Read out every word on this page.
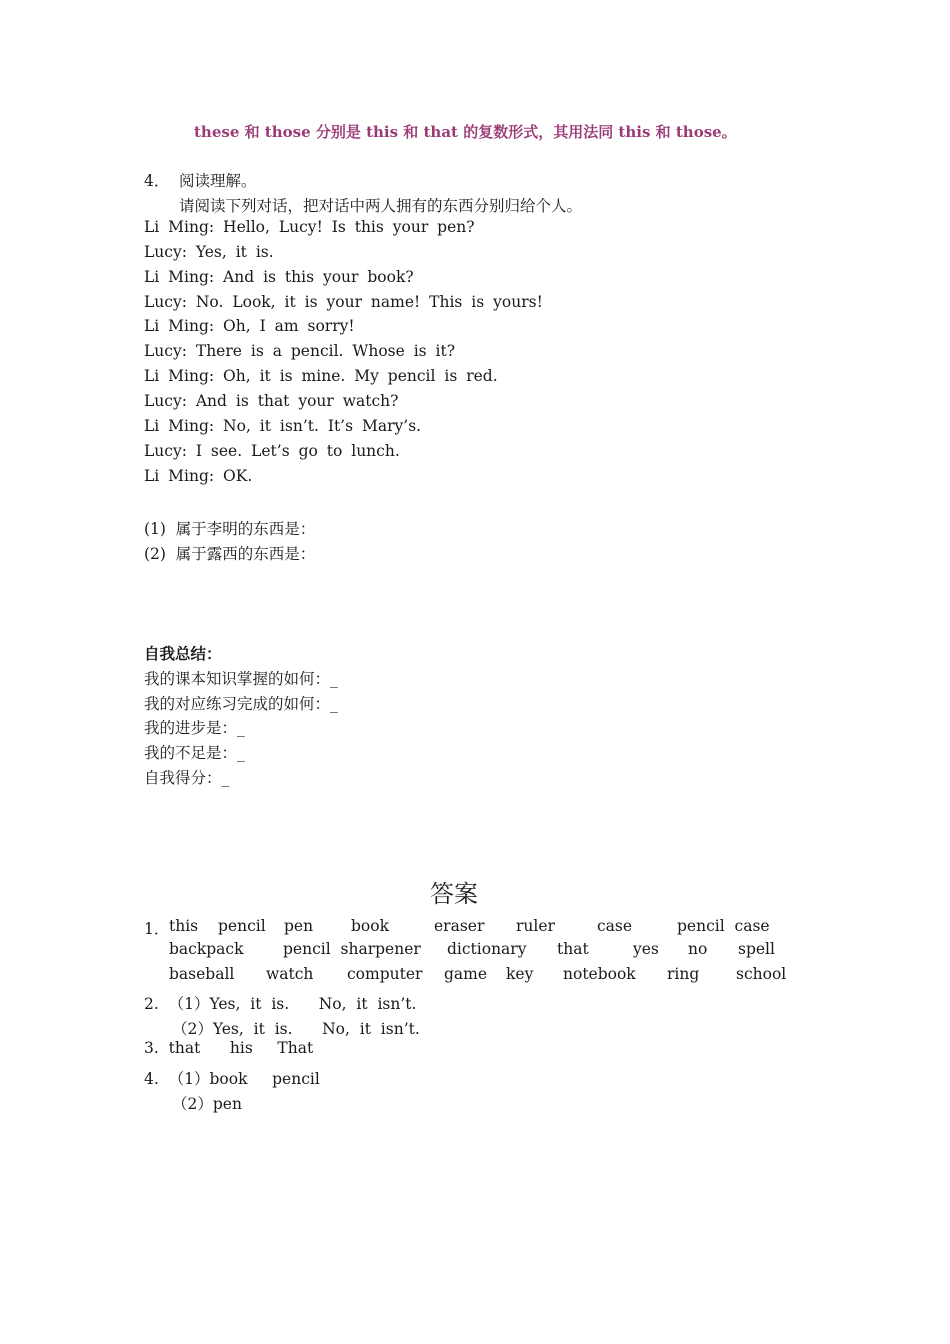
these 和 those 分别是 this 和 that 的复数形式，其用法同 this 和 those。
4． 阅读理解。
请阅读下列对话，把对话中两人拥有的东西分别归给个人。
Li Ming: Hello, Lucy! Is this your pen?
Lucy: Yes, it is.
Li Ming: And is this your book?
Lucy: No. Look, it is your name! This is yours!
Li Ming: Oh, I am sorry!
Lucy: There is a pencil. Whose is it?
Li Ming: Oh, it is mine. My pencil is red.
Lucy: And is that your watch?
Li Ming: No, it isn’t. It’s Mary’s.
Lucy: I see. Let’s go to lunch.
Li Ming: OK.
(1)  属于李明的东西是：
(2)  属于露西的东西是：
自我总结：
我的课本知识掌握的如何：_
我的对应练习完成的如何：_
我的进步是：_
我的不足是：_
自我得分：_
答案
1． this pencil pen book	eraser ruler	case	pencil  case
backpack	pencil  sharpener dictionary that	yes no spell
baseball watch computer game key notebook ring school
2.  （1）Yes,  it  is.      No,  it  isn’t.
（2）Yes,  it  is.      No,  it  isn’t.
3.  that      his     That
4.  （1）book     pencil
（2）pen
